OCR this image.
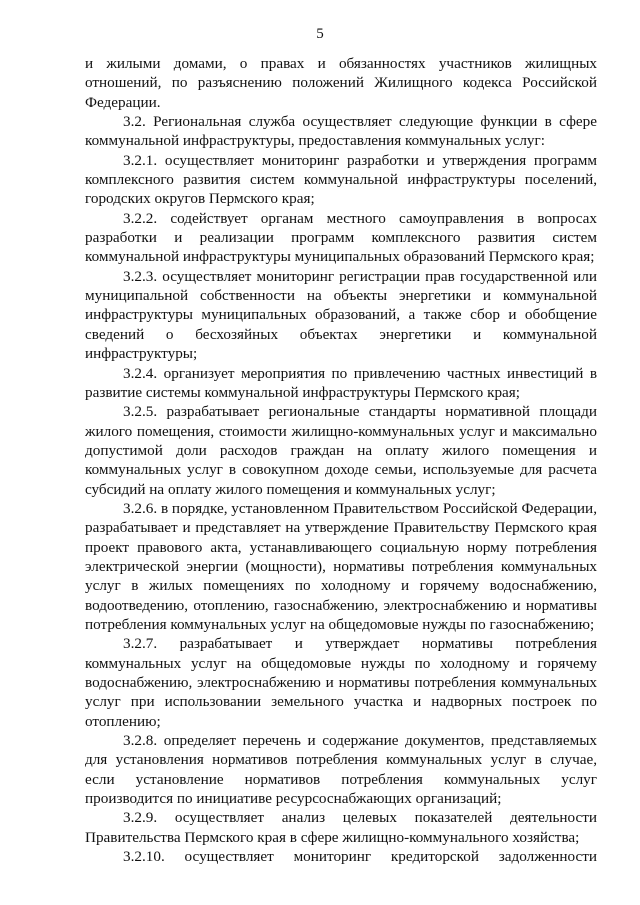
5

и жилыми домами, о правах и обязанностях участников жилищных отношений, по разъяснению положений Жилищного кодекса Российской Федерации.

3.2. Региональная служба осуществляет следующие функции в сфере коммунальной инфраструктуры, предоставления коммунальных услуг:

3.2.1. осуществляет мониторинг разработки и утверждения программ комплексного развития систем коммунальной инфраструктуры поселений, городских округов Пермского края;

3.2.2. содействует органам местного самоуправления в вопросах разработки и реализации программ комплексного развития систем коммунальной инфраструктуры муниципальных образований Пермского края;

3.2.3. осуществляет мониторинг регистрации прав государственной или муниципальной собственности на объекты энергетики и коммунальной инфраструктуры муниципальных образований, а также сбор и обобщение сведений о бесхозяйных объектах энергетики и коммунальной инфраструктуры;

3.2.4. организует мероприятия по привлечению частных инвестиций в развитие системы коммунальной инфраструктуры Пермского края;

3.2.5. разрабатывает региональные стандарты нормативной площади жилого помещения, стоимости жилищно-коммунальных услуг и максимально допустимой доли расходов граждан на оплату жилого помещения и коммунальных услуг в совокупном доходе семьи, используемые для расчета субсидий на оплату жилого помещения и коммунальных услуг;

3.2.6. в порядке, установленном Правительством Российской Федерации, разрабатывает и представляет на утверждение Правительству Пермского края проект правового акта, устанавливающего социальную норму потребления электрической энергии (мощности), нормативы потребления коммунальных услуг в жилых помещениях по холодному и горячему водоснабжению, водоотведению, отоплению, газоснабжению, электроснабжению и нормативы потребления коммунальных услуг на общедомовые нужды по газоснабжению;

3.2.7. разрабатывает и утверждает нормативы потребления коммунальных услуг на общедомовые нужды по холодному и горячему водоснабжению, электроснабжению и нормативы потребления коммунальных услуг при использовании земельного участка и надворных построек по отоплению;

3.2.8. определяет перечень и содержание документов, представляемых для установления нормативов потребления коммунальных услуг в случае, если установление нормативов потребления коммунальных услуг производится по инициативе ресурсоснабжающих организаций;

3.2.9. осуществляет анализ целевых показателей деятельности Правительства Пермского края в сфере жилищно-коммунального хозяйства;

3.2.10. осуществляет мониторинг кредиторской задолженности
